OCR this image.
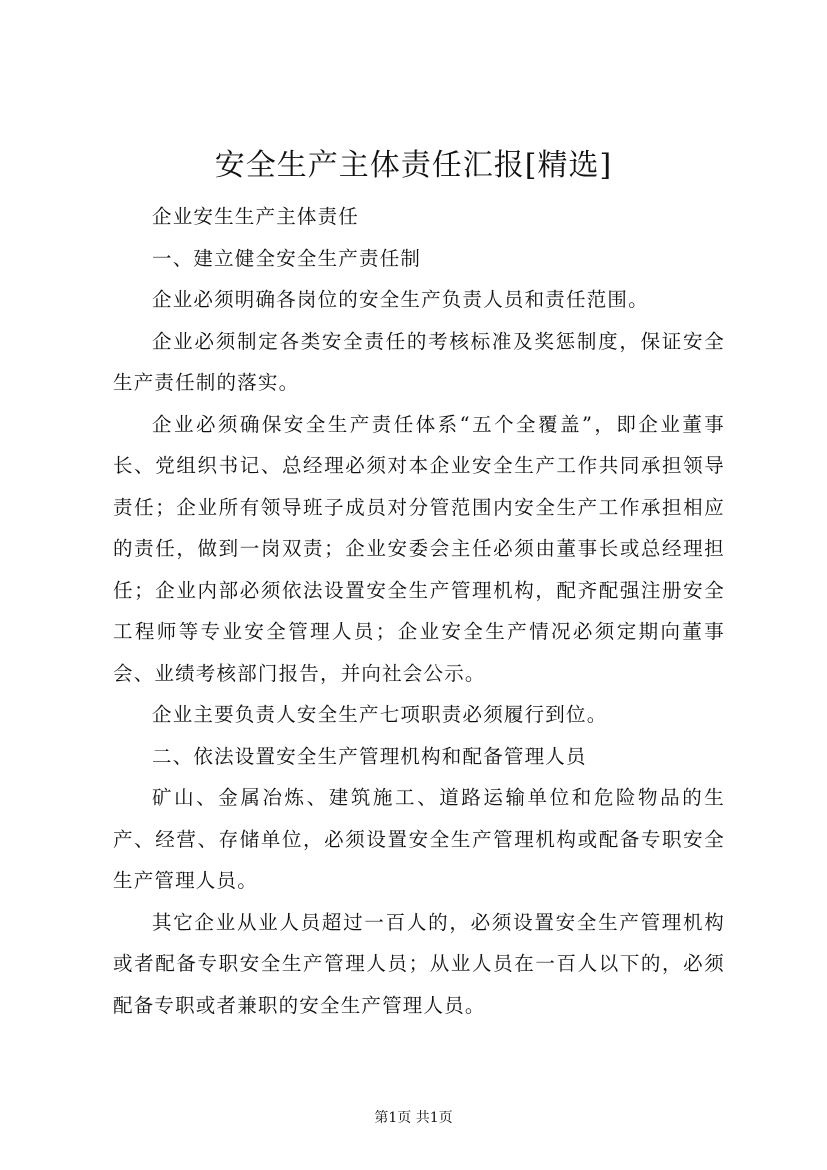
安全生产主体责任汇报[精选]

企业安生生产主体责任

一、建立健全安全生产责任制

企业必须明确各岗位的安全生产负责人员和责任范围。

企业必须制定各类安全责任的考核标准及奖惩制度，保证安全生产责任制的落实。

企业必须确保安全生产责任体系“五个全覆盖”，即企业董事长、党组织书记、总经理必须对本企业安全生产工作共同承担领导责任；企业所有领导班子成员对分管范围内安全生产工作承担相应的责任，做到一岗双责；企业安委会主任必须由董事长或总经理担任；企业内部必须依法设置安全生产管理机构，配齐配强注册安全工程师等专业安全管理人员；企业安全生产情况必须定期向董事会、业绩考核部门报告，并向社会公示。

企业主要负责人安全生产七项职责必须履行到位。

二、依法设置安全生产管理机构和配备管理人员

矿山、金属冶炼、建筑施工、道路运输单位和危险物品的生产、经营、存储单位，必须设置安全生产管理机构或配备专职安全生产管理人员。

其它企业从业人员超过一百人的，必须设置安全生产管理机构或者配备专职安全生产管理人员；从业人员在一百人以下的，必须配备专职或者兼职的安全生产管理人员。

第1页 共1页
